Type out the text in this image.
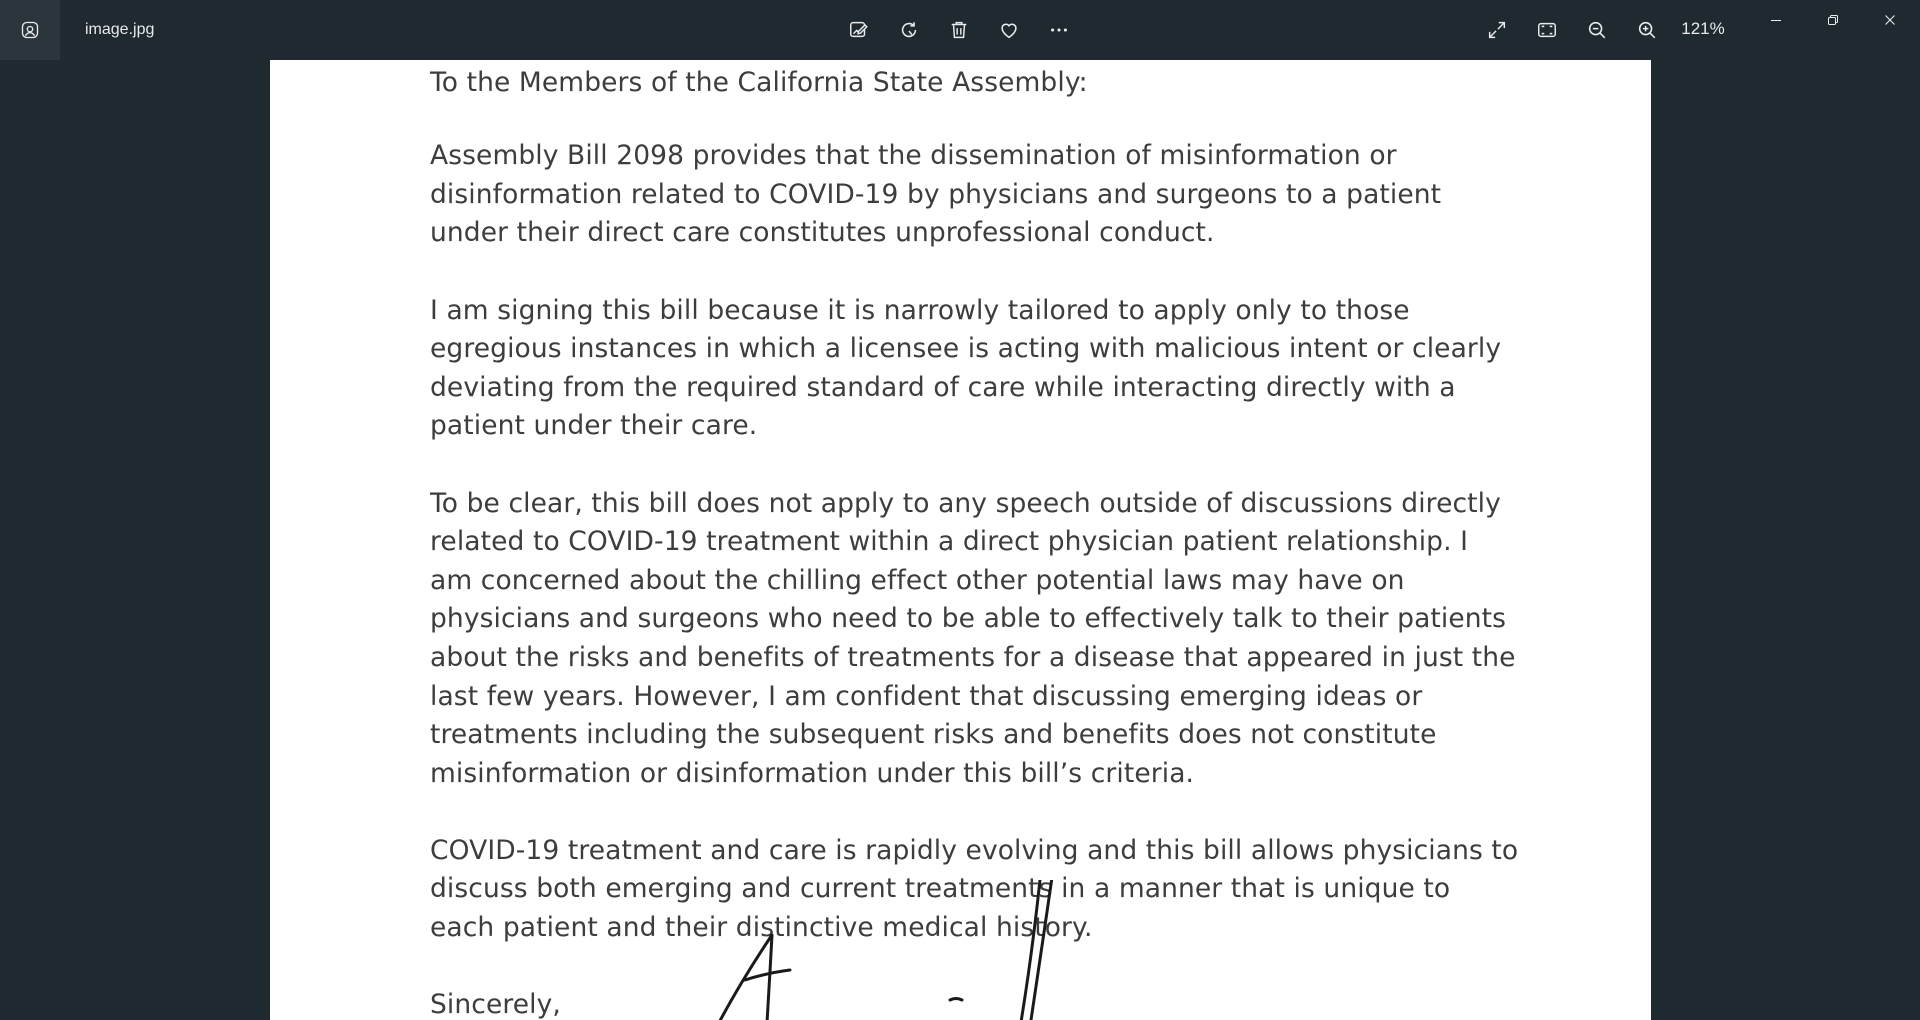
image.jpg	121%
To the Members of the California State Assembly:
Assembly Bill 2098 provides that the dissemination of misinformation or
disinformation related to COVID-19 by physicians and surgeons to a patient
under their direct care constitutes unprofessional conduct.
I am signing this bill because it is narrowly tailored to apply only to those
egregious instances in which a licensee is acting with malicious intent or clearly
deviating from the required standard of care while interacting directly with a
patient under their care.
To be clear, this bill does not apply to any speech outside of discussions directly
related to COVID-19 treatment within a direct physician patient relationship. I
am concerned about the chilling effect other potential laws may have on
physicians and surgeons who need to be able to effectively talk to their patients
about the risks and benefits of treatments for a disease that appeared in just the
last few years. However, I am confident that discussing emerging ideas or
treatments including the subsequent risks and benefits does not constitute
misinformation or disinformation under this bill’s criteria.
COVID-19 treatment and care is rapidly evolving and this bill allows physicians to
discuss both emerging and current treatments in a manner that is unique to
each patient and their distinctive medical history.
Sincerely,
